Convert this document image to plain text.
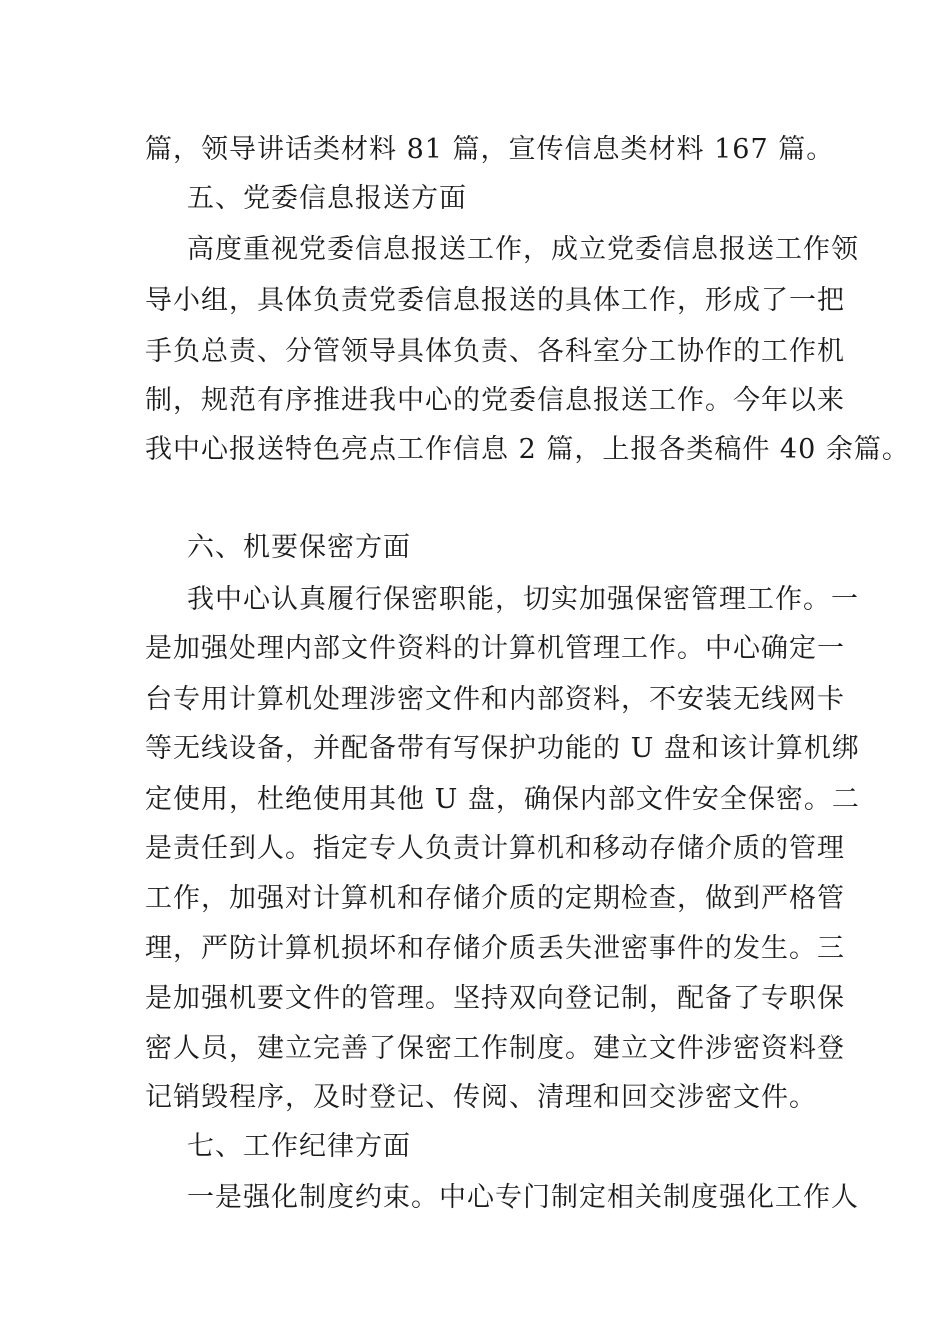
篇，领导讲话类材料 81 篇，宣传信息类材料 167 篇。
五、党委信息报送方面
高度重视党委信息报送工作，成立党委信息报送工作领
导小组，具体负责党委信息报送的具体工作，形成了一把
手负总责、分管领导具体负责、各科室分工协作的工作机
制，规范有序推进我中心的党委信息报送工作。今年以来
我中心报送特色亮点工作信息 2 篇，上报各类稿件 40 余篇。
六、机要保密方面
我中心认真履行保密职能，切实加强保密管理工作。一
是加强处理内部文件资料的计算机管理工作。中心确定一
台专用计算机处理涉密文件和内部资料，不安装无线网卡
等无线设备，并配备带有写保护功能的 U 盘和该计算机绑
定使用，杜绝使用其他 U 盘，确保内部文件安全保密。二
是责任到人。指定专人负责计算机和移动存储介质的管理
工作，加强对计算机和存储介质的定期检查，做到严格管
理，严防计算机损坏和存储介质丢失泄密事件的发生。三
是加强机要文件的管理。坚持双向登记制，配备了专职保
密人员，建立完善了保密工作制度。建立文件涉密资料登
记销毁程序，及时登记、传阅、清理和回交涉密文件。
七、工作纪律方面
一是强化制度约束。中心专门制定相关制度强化工作人
